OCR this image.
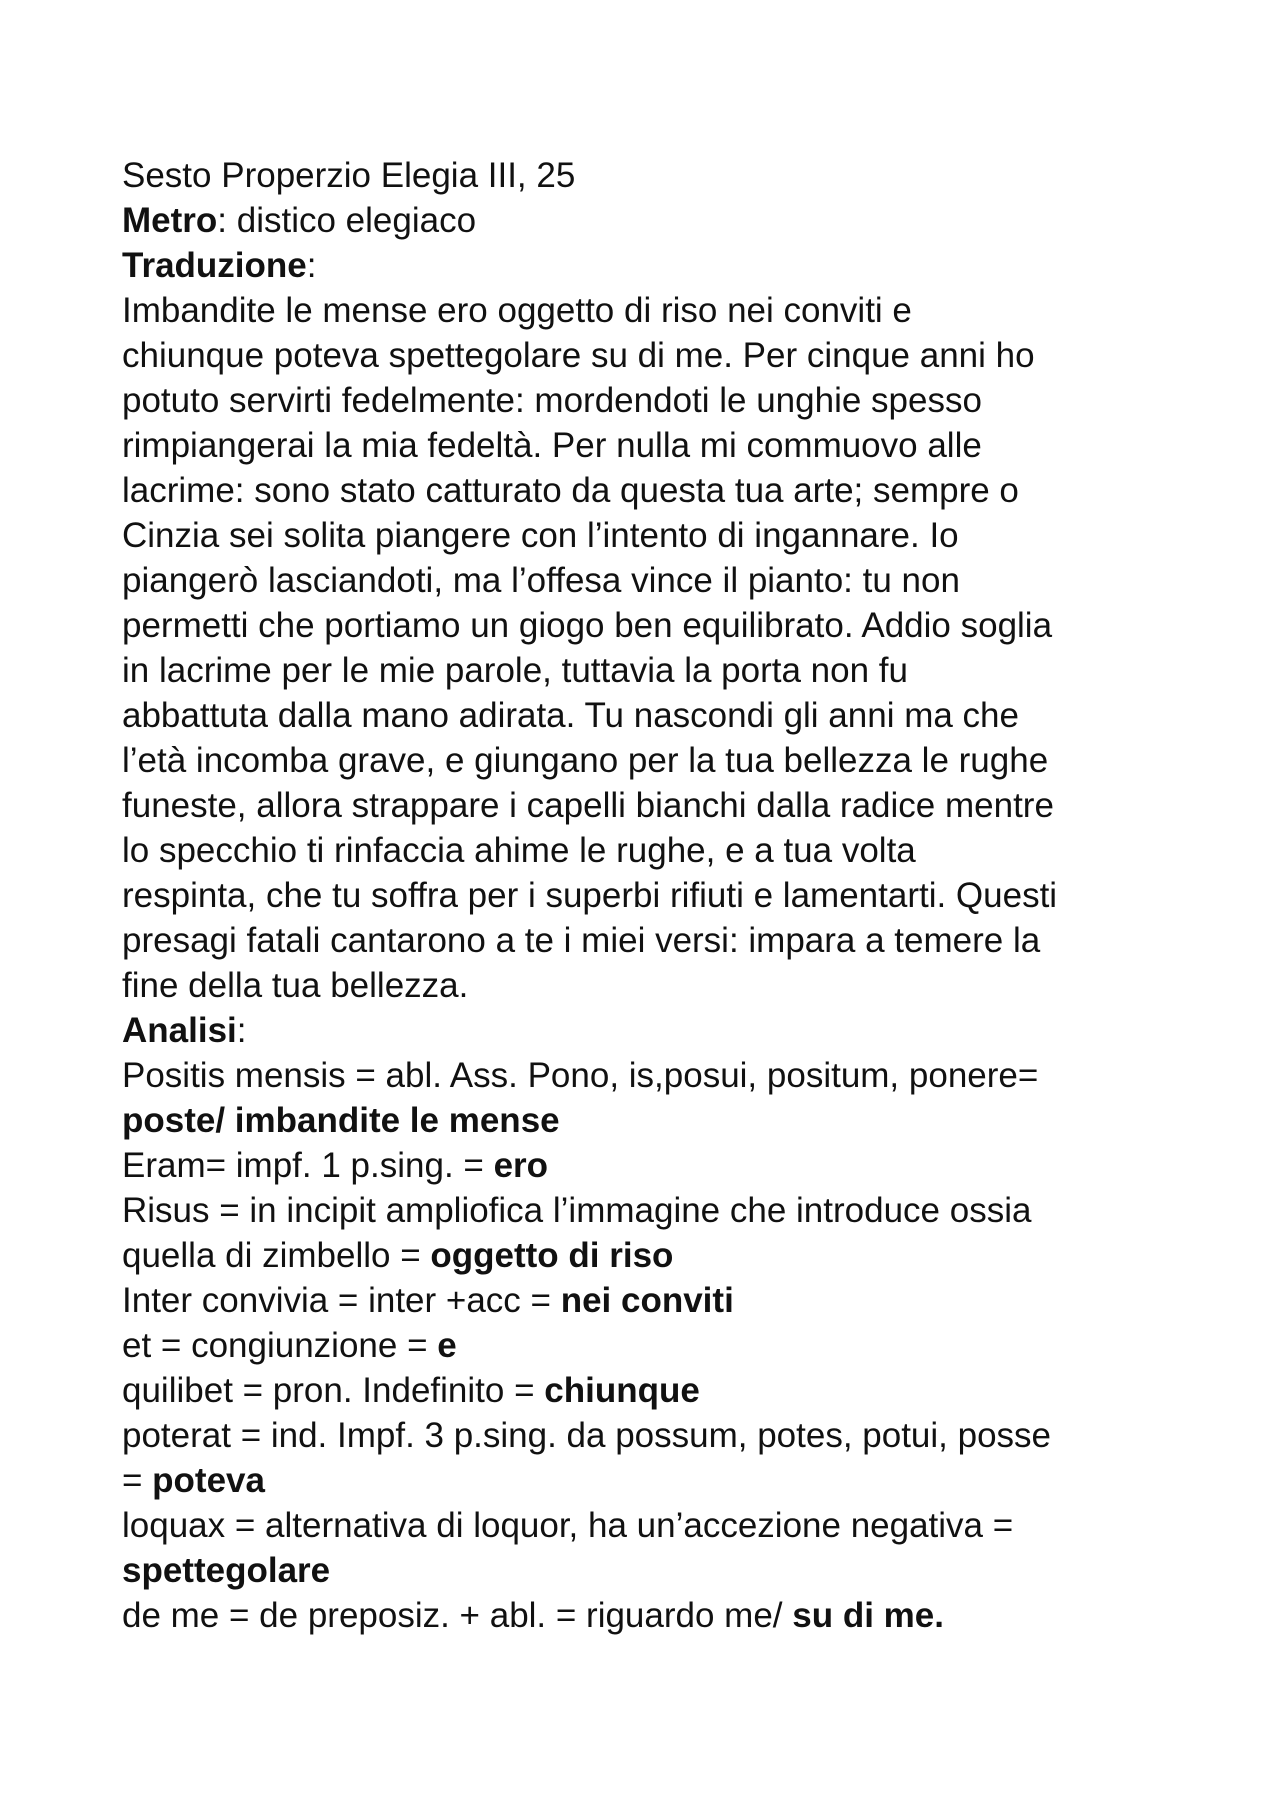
Sesto Properzio Elegia III, 25
Metro: distico elegiaco
Traduzione:
Imbandite le mense ero oggetto di riso nei conviti e
chiunque poteva spettegolare su di me. Per cinque anni ho
potuto servirti fedelmente: mordendoti le unghie spesso
rimpiangerai la mia fedeltà. Per nulla mi commuovo alle
lacrime: sono stato catturato da questa tua arte; sempre o
Cinzia sei solita piangere con l’intento di ingannare. Io
piangerò lasciandoti, ma l’offesa vince il pianto: tu non
permetti che portiamo un giogo ben equilibrato. Addio soglia
in lacrime per le mie parole, tuttavia la porta non fu
abbattuta dalla mano adirata. Tu nascondi gli anni ma che
l’età incomba grave, e giungano per la tua bellezza le rughe
funeste, allora strappare i capelli bianchi dalla radice mentre
lo specchio ti rinfaccia ahime le rughe, e a tua volta
respinta, che tu soffra per i superbi rifiuti e lamentarti. Questi
presagi fatali cantarono a te i miei versi: impara a temere la
fine della tua bellezza.
Analisi:
Positis mensis = abl. Ass. Pono, is,posui, positum, ponere=
poste/ imbandite le mense
Eram= impf. 1 p.sing. = ero
Risus = in incipit ampliofica l’immagine che introduce ossia
quella di zimbello = oggetto di riso
Inter convivia = inter +acc = nei conviti
et = congiunzione = e
quilibet = pron. Indefinito = chiunque
poterat = ind. Impf. 3 p.sing. da possum, potes, potui, posse
= poteva
loquax = alternativa di loquor, ha un’accezione negativa =
spettegolare
de me = de preposiz. + abl. = riguardo me/ su di me.
